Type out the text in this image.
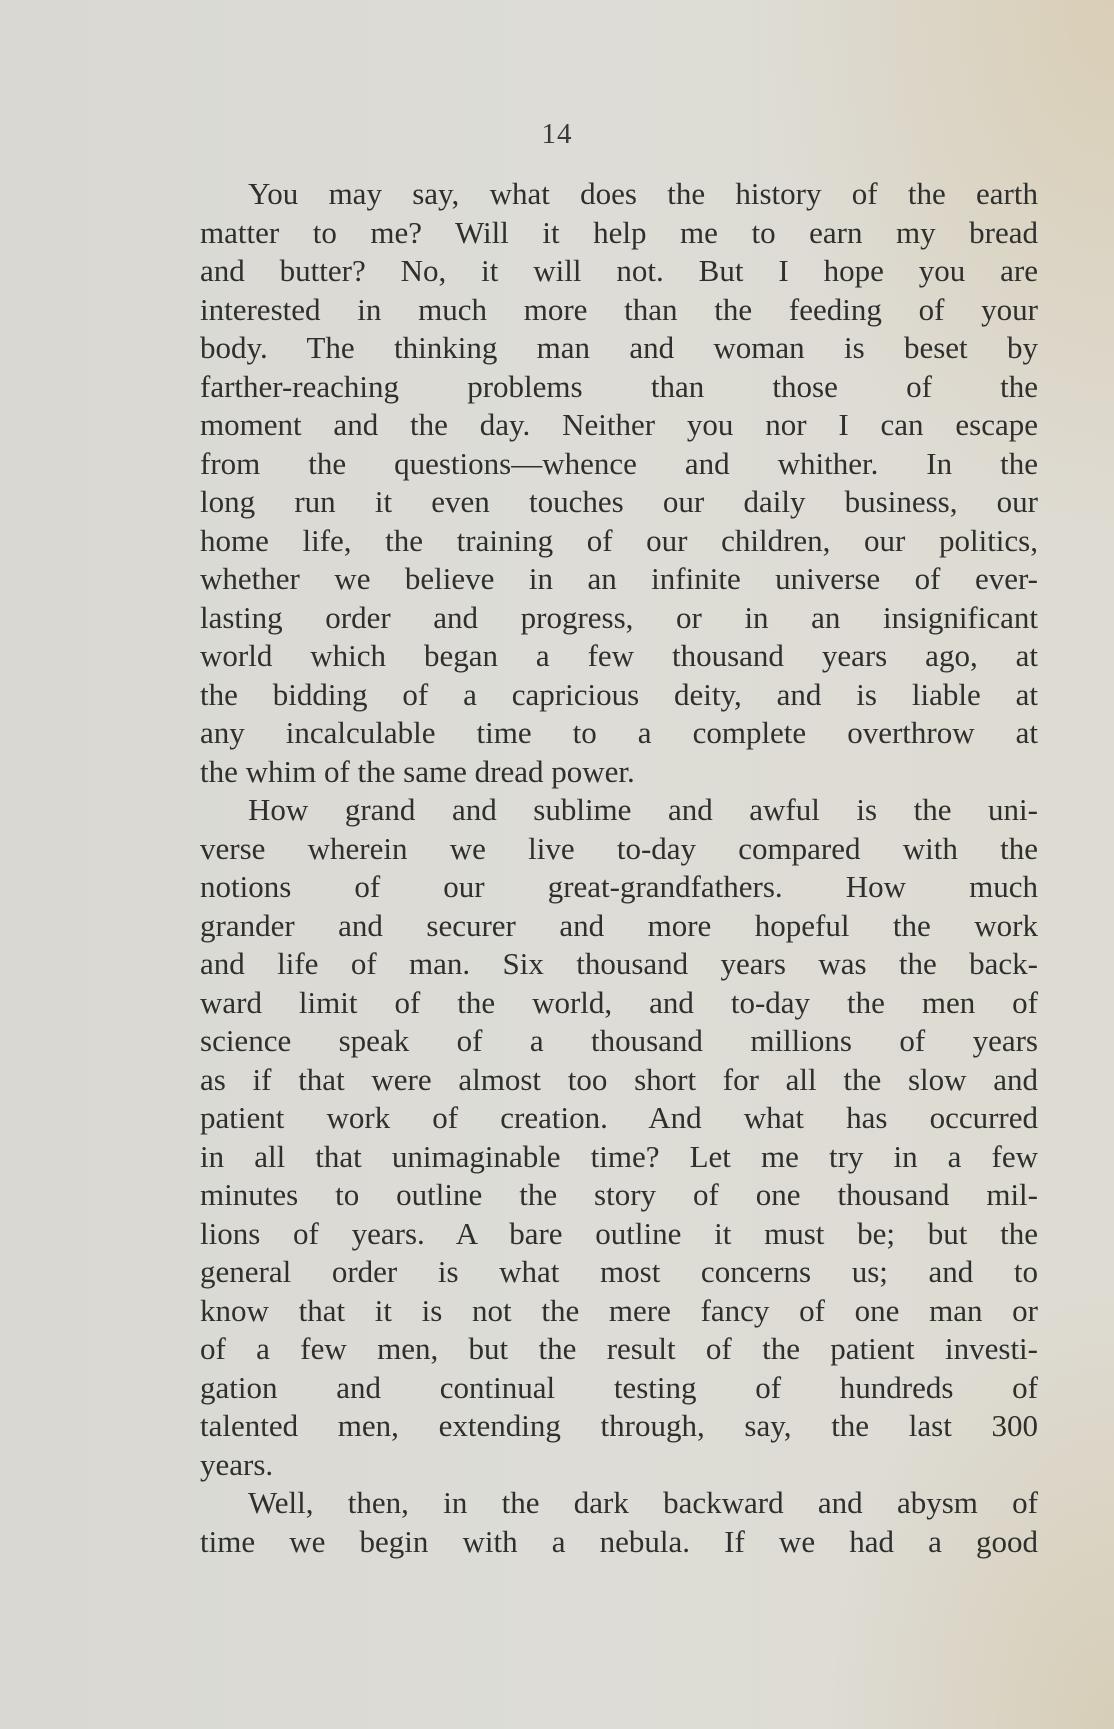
14
You may say, what does the history of the earth
matter to me? Will it help me to earn my bread
and butter? No, it will not. But I hope you are
interested in much more than the feeding of your
body. The thinking man and woman is beset by
farther-reaching problems than those of the
moment and the day. Neither you nor I can escape
from the questions—whence and whither. In the
long run it even touches our daily business, our
home life, the training of our children, our politics,
whether we believe in an infinite universe of ever-
lasting order and progress, or in an insignificant
world which began a few thousand years ago, at
the bidding of a capricious deity, and is liable at
any incalculable time to a complete overthrow at
the whim of the same dread power.
How grand and sublime and awful is the uni-
verse wherein we live to-day compared with the
notions of our great-grandfathers. How much
grander and securer and more hopeful the work
and life of man. Six thousand years was the back-
ward limit of the world, and to-day the men of
science speak of a thousand millions of years
as if that were almost too short for all the slow and
patient work of creation. And what has occurred
in all that unimaginable time? Let me try in a few
minutes to outline the story of one thousand mil-
lions of years. A bare outline it must be; but the
general order is what most concerns us; and to
know that it is not the mere fancy of one man or
of a few men, but the result of the patient investi-
gation and continual testing of hundreds of
talented men, extending through, say, the last 300
years.
Well, then, in the dark backward and abysm of
time we begin with a nebula. If we had a good
